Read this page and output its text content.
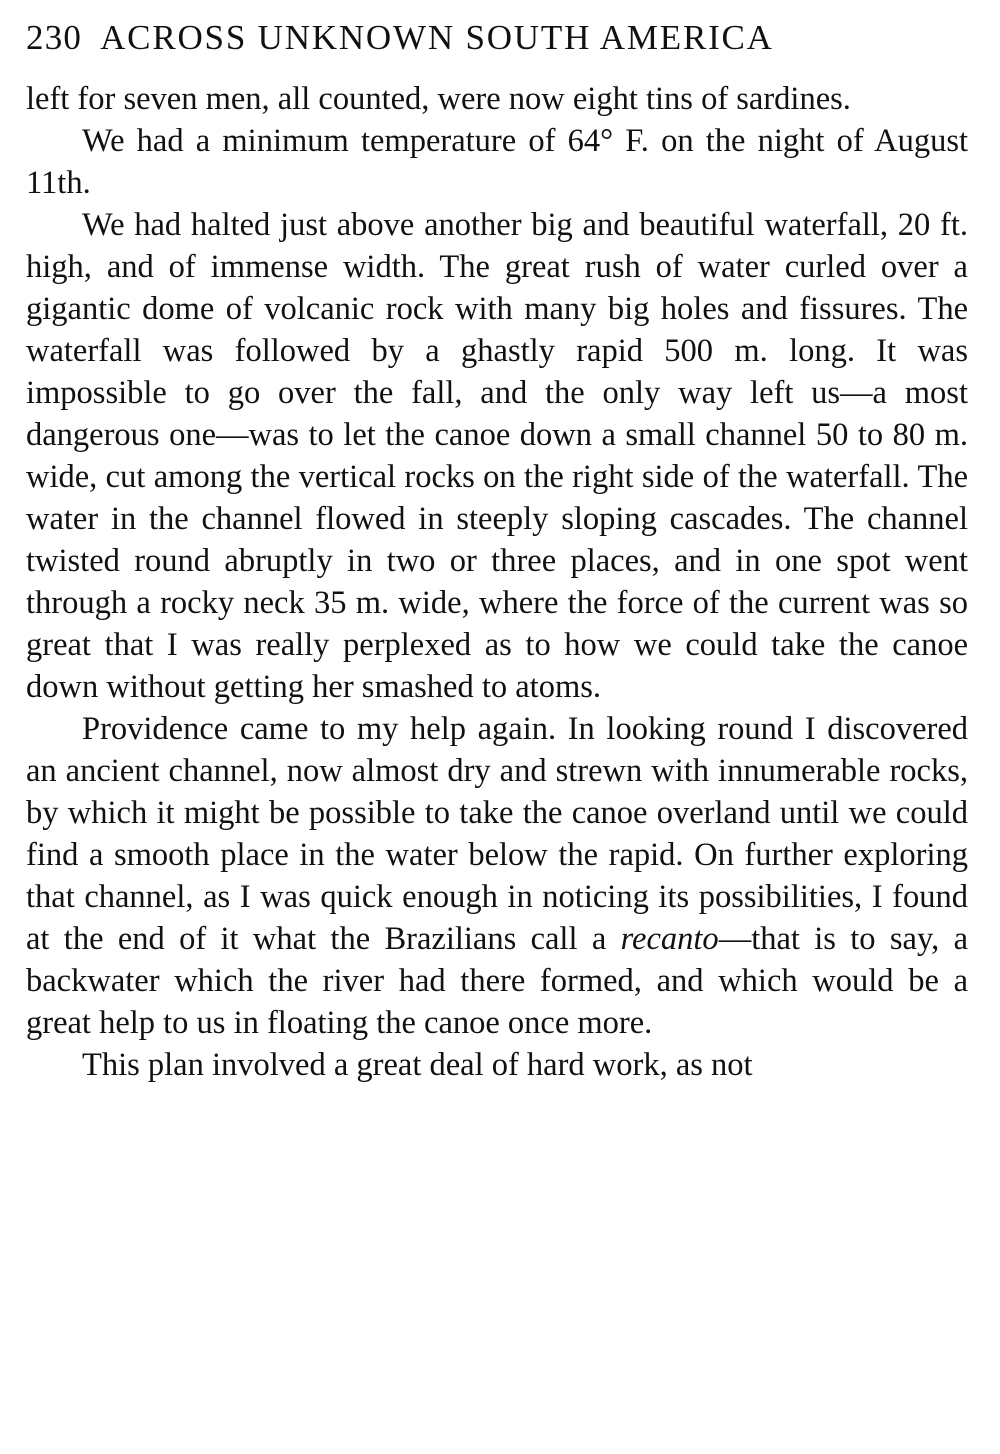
230 ACROSS UNKNOWN SOUTH AMERICA

left for seven men, all counted, were now eight tins of sardines.

We had a minimum temperature of 64° F. on the night of August 11th.

We had halted just above another big and beautiful waterfall, 20 ft. high, and of immense width. The great rush of water curled over a gigantic dome of volcanic rock with many big holes and fissures. The waterfall was followed by a ghastly rapid 500 m. long. It was impossible to go over the fall, and the only way left us—a most dangerous one—was to let the canoe down a small channel 50 to 80 m. wide, cut among the vertical rocks on the right side of the waterfall. The water in the channel flowed in steeply sloping cascades. The channel twisted round abruptly in two or three places, and in one spot went through a rocky neck 35 m. wide, where the force of the current was so great that I was really perplexed as to how we could take the canoe down without getting her smashed to atoms.

Providence came to my help again. In looking round I discovered an ancient channel, now almost dry and strewn with innumerable rocks, by which it might be possible to take the canoe overland until we could find a smooth place in the water below the rapid. On further exploring that channel, as I was quick enough in noticing its possibilities, I found at the end of it what the Brazilians call a recanto—that is to say, a backwater which the river had there formed, and which would be a great help to us in floating the canoe once more.

This plan involved a great deal of hard work, as not
